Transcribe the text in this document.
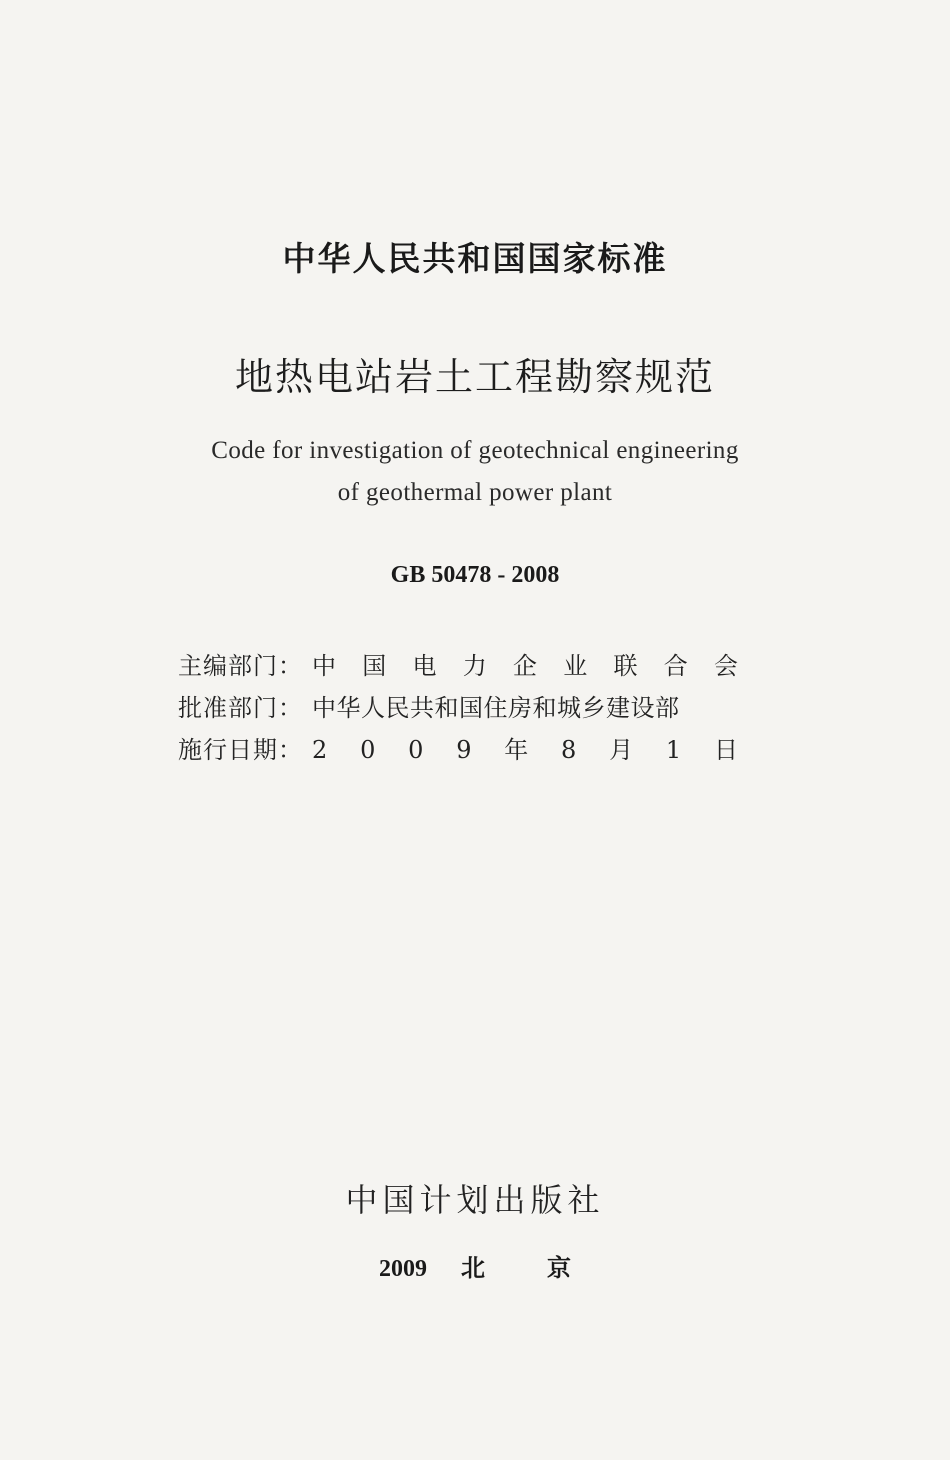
中华人民共和国国家标准
地热电站岩土工程勘察规范
Code for investigation of geotechnical engineering
of geothermal power plant
GB 50478 - 2008
主编部门： 中 国 电 力 企 业 联 合 会
批准部门： 中华人民共和国住房和城乡建设部
施行日期： 2 0 0 9 年 8 月 1 日
中国计划出版社
2009 北	京
